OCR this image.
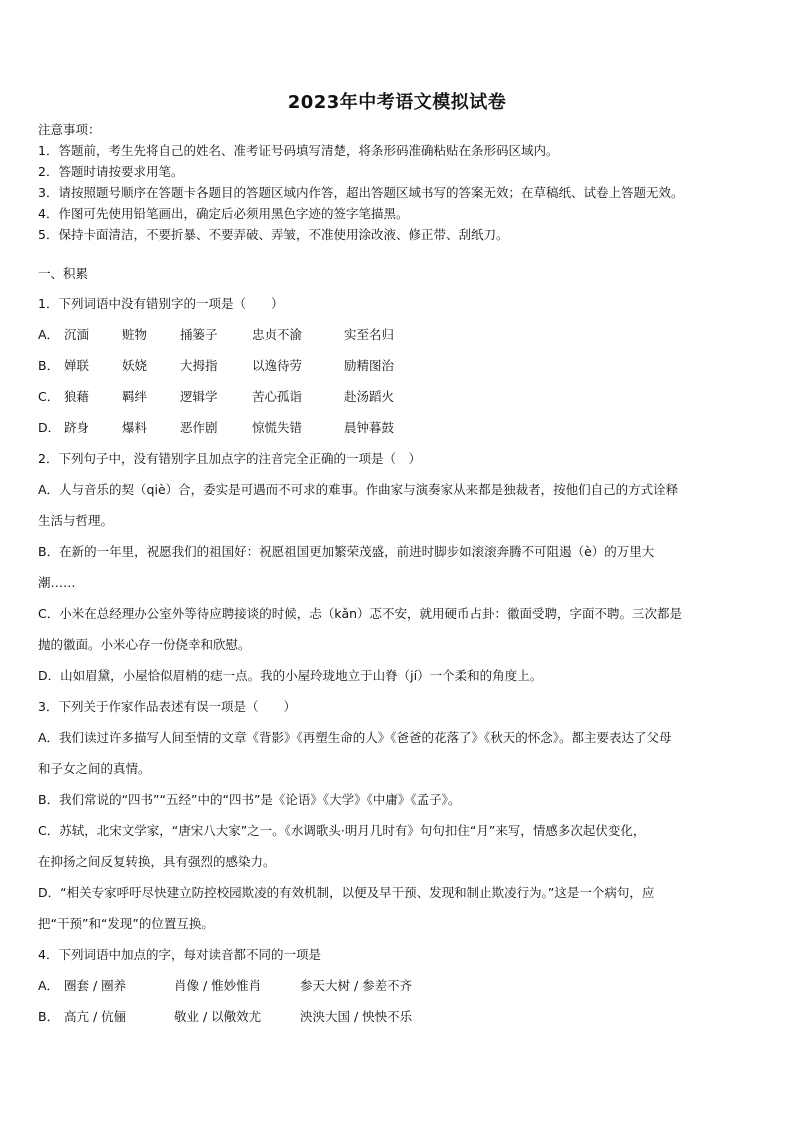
2023年中考语文模拟试卷
注意事项：
1．答题前，考生先将自己的姓名、准考证号码填写清楚，将条形码准确粘贴在条形码区域内。
2．答题时请按要求用笔。
3．请按照题号顺序在答题卡各题目的答题区域内作答，超出答题区域书写的答案无效；在草稿纸、试卷上答题无效。
4．作图可先使用铅笔画出，确定后必须用黑色字迹的签字笔描黑。
5．保持卡面清洁，不要折暴、不要弄破、弄皱，不准使用涂改液、修正带、刮纸刀。
一、积累
1．下列词语中没有错别字的一项是（　　）
A． 沉湎	赃物	捅篓子	忠贞不渝	实至名归
B． 婵联	妖娆	大拇指	以逸待劳	励精图治
C． 狼藉	羁绊	逻辑学	苦心孤诣	赴汤蹈火
D． 跻身	爆料	恶作剧	惊慌失错	晨钟暮鼓
2．下列句子中，没有错别字且加点字的注音完全正确的一项是（　）
A．人与音乐的契（qiè）合，委实是可遇而不可求的难事。作曲家与演奏家从来都是独裁者，按他们自己的方式诠释
生活与哲理。
B．在新的一年里，祝愿我们的祖国好：祝愿祖国更加繁荣茂盛，前进时脚步如滚滚奔腾不可阻遏（è）的万里大
潮……
C．小米在总经理办公室外等待应聘接谈的时候，忐（kǎn）忑不安，就用硬币占卦：徽面受聘，字面不聘。三次都是
抛的徽面。小米心存一份侥幸和欣慰。
D．山如眉黛，小屋恰似眉梢的痣一点。我的小屋玲珑地立于山脊（jí）一个柔和的角度上。
3．下列关于作家作品表述有误一项是（　　）
A．我们读过许多描写人间至情的文章《背影》《再塑生命的人》《爸爸的花落了》《秋天的怀念》。都主要表达了父母
和子女之间的真情。
B．我们常说的“四书”“五经”中的“四书”是《论语》《大学》《中庸》《孟子》。
C．苏轼，北宋文学家，“唐宋八大家”之一。《水调歌头·明月几时有》句句扣住“月”来写，情感多次起伏变化，
在抑扬之间反复转换，具有强烈的感染力。
D．“相关专家呼吁尽快建立防控校园欺凌的有效机制，以便及早干预、发现和制止欺凌行为。”这是一个病句，应
把“干预”和“发现”的位置互换。
4．下列词语中加点的字，每对读音都不同的一项是
A． 圈套 / 圈养	肖像 / 惟妙惟肖	参天大树 / 参差不齐
B． 高亢 / 伉俪	敬业 / 以儆效尤	泱泱大国 / 怏怏不乐
